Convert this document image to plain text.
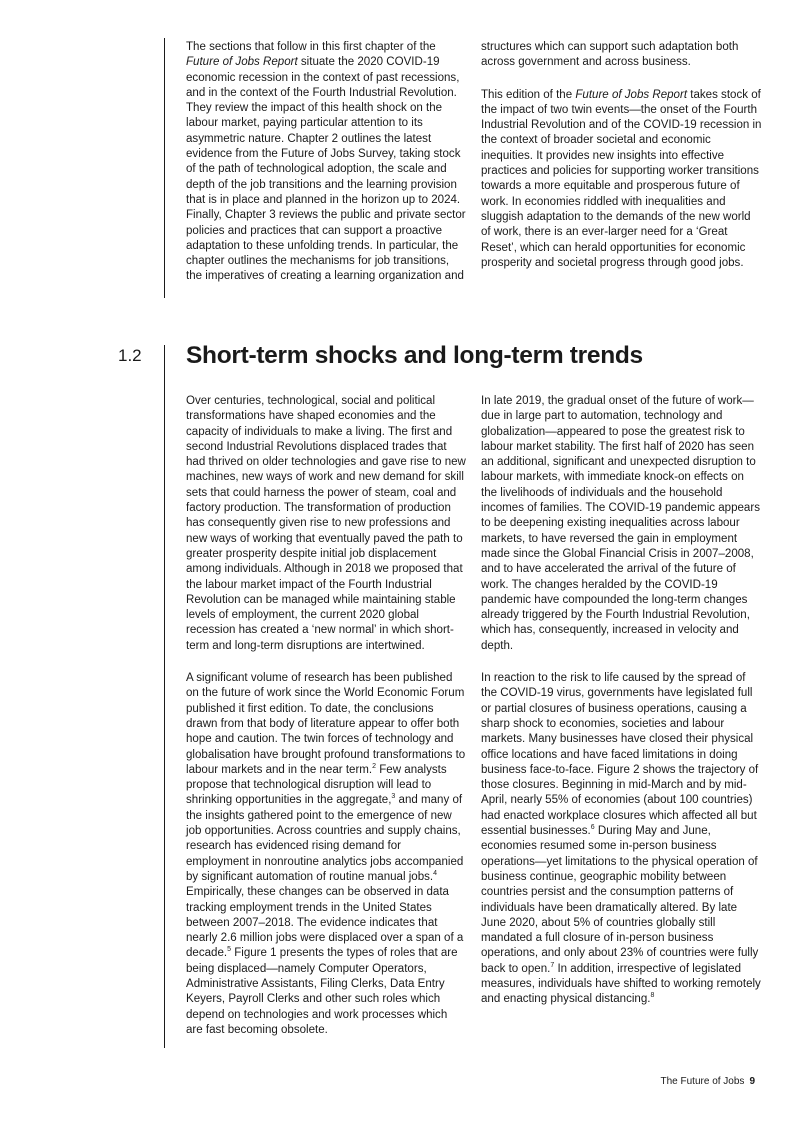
The sections that follow in this first chapter of the Future of Jobs Report situate the 2020 COVID-19 economic recession in the context of past recessions, and in the context of the Fourth Industrial Revolution. They review the impact of this health shock on the labour market, paying particular attention to its asymmetric nature. Chapter 2 outlines the latest evidence from the Future of Jobs Survey, taking stock of the path of technological adoption, the scale and depth of the job transitions and the learning provision that is in place and planned in the horizon up to 2024. Finally, Chapter 3 reviews the public and private sector policies and practices that can support a proactive adaptation to these unfolding trends. In particular, the chapter outlines the mechanisms for job transitions, the imperatives of creating a learning organization and

structures which can support such adaptation both across government and across business.

This edition of the Future of Jobs Report takes stock of the impact of two twin events—the onset of the Fourth Industrial Revolution and of the COVID-19 recession in the context of broader societal and economic inequities. It provides new insights into effective practices and policies for supporting worker transitions towards a more equitable and prosperous future of work. In economies riddled with inequalities and sluggish adaptation to the demands of the new world of work, there is an ever-larger need for a ‘Great Reset’, which can herald opportunities for economic prosperity and societal progress through good jobs.

1.2 Short-term shocks and long-term trends

Over centuries, technological, social and political transformations have shaped economies and the capacity of individuals to make a living. The first and second Industrial Revolutions displaced trades that had thrived on older technologies and gave rise to new machines, new ways of work and new demand for skill sets that could harness the power of steam, coal and factory production. The transformation of production has consequently given rise to new professions and new ways of working that eventually paved the path to greater prosperity despite initial job displacement among individuals. Although in 2018 we proposed that the labour market impact of the Fourth Industrial Revolution can be managed while maintaining stable levels of employment, the current 2020 global recession has created a ‘new normal’ in which short-term and long-term disruptions are intertwined.

A significant volume of research has been published on the future of work since the World Economic Forum published it first edition. To date, the conclusions drawn from that body of literature appear to offer both hope and caution. The twin forces of technology and globalisation have brought profound transformations to labour markets and in the near term.$^2$ Few analysts propose that technological disruption will lead to shrinking opportunities in the aggregate,$^3$ and many of the insights gathered point to the emergence of new job opportunities. Across countries and supply chains, research has evidenced rising demand for employment in nonroutine analytics jobs accompanied by significant automation of routine manual jobs.$^4$ Empirically, these changes can be observed in data tracking employment trends in the United States between 2007–2018. The evidence indicates that nearly 2.6 million jobs were displaced over a span of a decade.$^5$ Figure 1 presents the types of roles that are being displaced—namely Computer Operators, Administrative Assistants, Filing Clerks, Data Entry Keyers, Payroll Clerks and other such roles which depend on technologies and work processes which are fast becoming obsolete.

In late 2019, the gradual onset of the future of work—due in large part to automation, technology and globalization—appeared to pose the greatest risk to labour market stability. The first half of 2020 has seen an additional, significant and unexpected disruption to labour markets, with immediate knock-on effects on the livelihoods of individuals and the household incomes of families. The COVID-19 pandemic appears to be deepening existing inequalities across labour markets, to have reversed the gain in employment made since the Global Financial Crisis in 2007–2008, and to have accelerated the arrival of the future of work. The changes heralded by the COVID-19 pandemic have compounded the long-term changes already triggered by the Fourth Industrial Revolution, which has, consequently, increased in velocity and depth.

In reaction to the risk to life caused by the spread of the COVID-19 virus, governments have legislated full or partial closures of business operations, causing a sharp shock to economies, societies and labour markets. Many businesses have closed their physical office locations and have faced limitations in doing business face-to-face. Figure 2 shows the trajectory of those closures. Beginning in mid-March and by mid-April, nearly 55% of economies (about 100 countries) had enacted workplace closures which affected all but essential businesses.$^6$ During May and June, economies resumed some in-person business operations—yet limitations to the physical operation of business continue, geographic mobility between countries persist and the consumption patterns of individuals have been dramatically altered. By late June 2020, about 5% of countries globally still mandated a full closure of in-person business operations, and only about 23% of countries were fully back to open.$^7$ In addition, irrespective of legislated measures, individuals have shifted to working remotely and enacting physical distancing.$^8$

The Future of Jobs 9
